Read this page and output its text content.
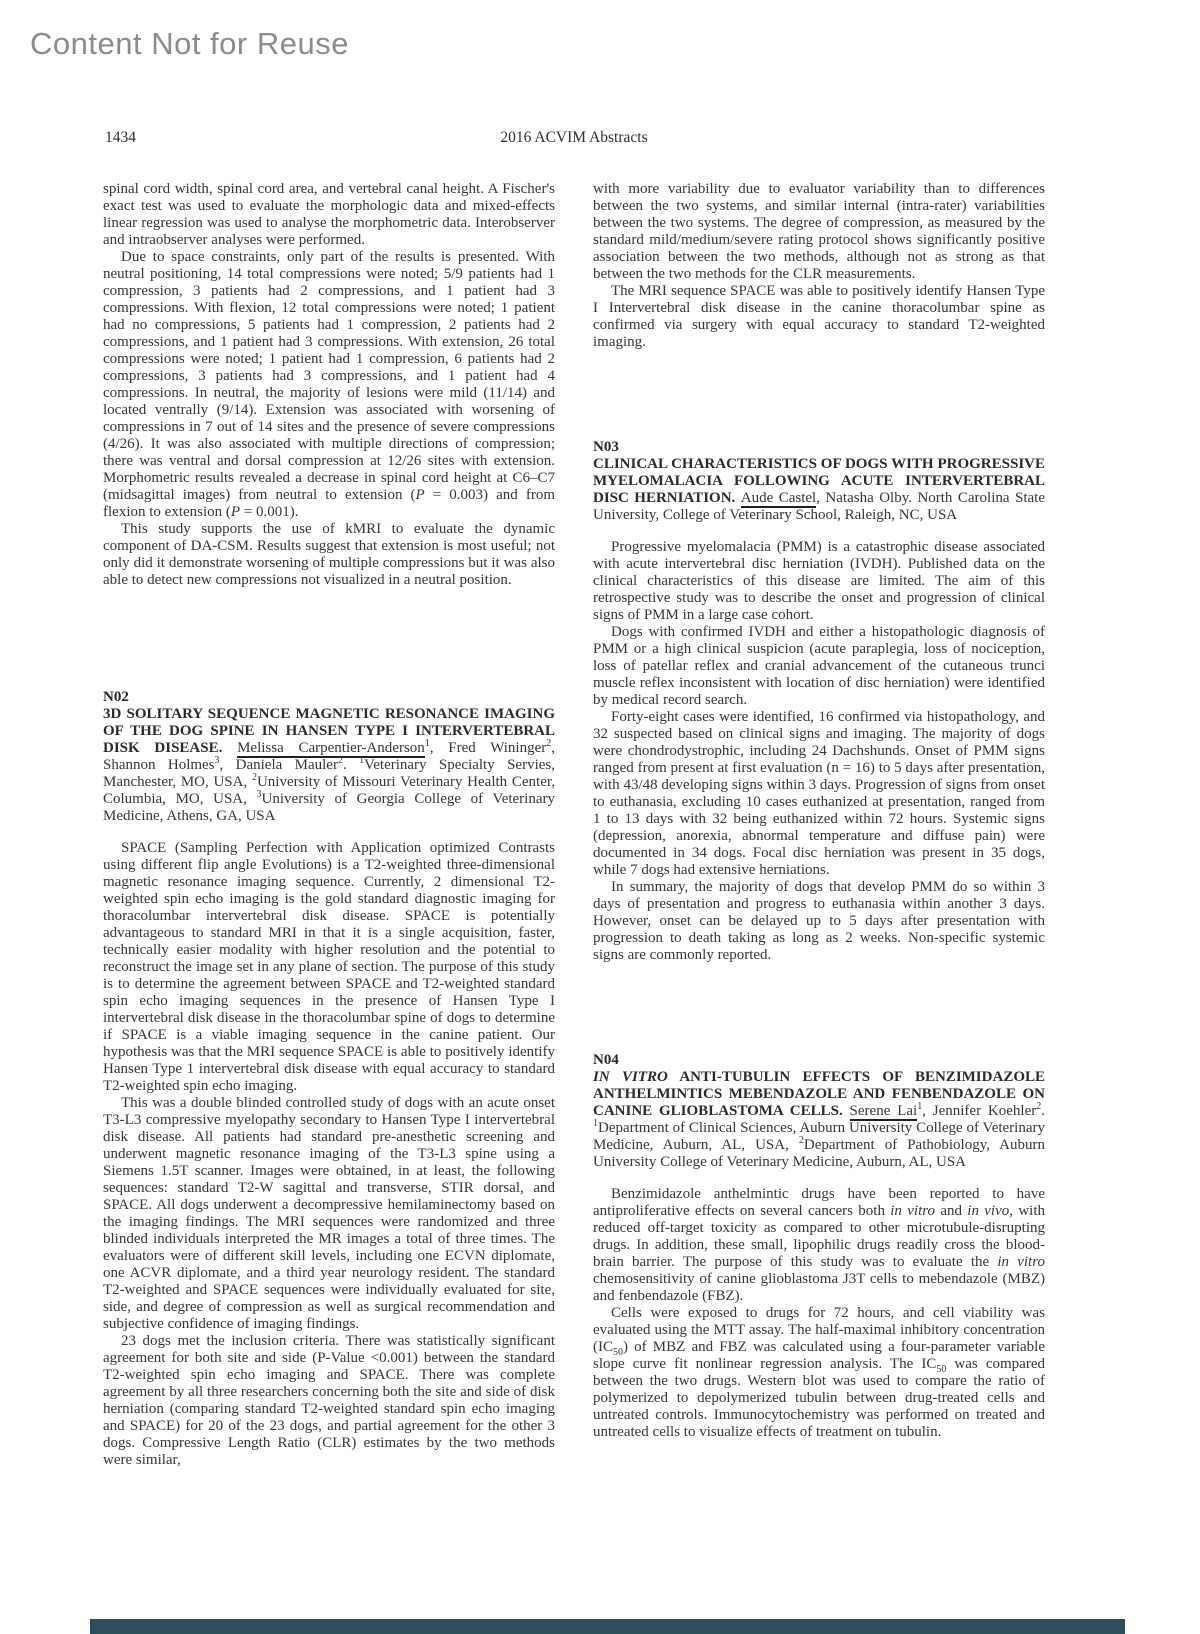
Content Not for Reuse
1434	2016 ACVIM Abstracts

spinal cord width, spinal cord area, and vertebral canal height. A Fischer's exact test was used to evaluate the morphologic data and mixed-effects linear regression was used to analyse the morphometric data. Interobserver and intraobserver analyses were performed.

Due to space constraints, only part of the results is presented. With neutral positioning, 14 total compressions were noted; 5/9 patients had 1 compression, 3 patients had 2 compressions, and 1 patient had 3 compressions. With flexion, 12 total compressions were noted; 1 patient had no compressions, 5 patients had 1 compression, 2 patients had 2 compressions, and 1 patient had 3 compressions. With extension, 26 total compressions were noted; 1 patient had 1 compression, 6 patients had 2 compressions, 3 patients had 3 compressions, and 1 patient had 4 compressions. In neutral, the majority of lesions were mild (11/14) and located ventrally (9/14). Extension was associated with worsening of compressions in 7 out of 14 sites and the presence of severe compressions (4/26). It was also associated with multiple directions of compression; there was ventral and dorsal compression at 12/26 sites with extension. Morphometric results revealed a decrease in spinal cord height at C6–C7 (midsagittal images) from neutral to extension (P = 0.003) and from flexion to extension (P = 0.001).

This study supports the use of kMRI to evaluate the dynamic component of DA-CSM. Results suggest that extension is most useful; not only did it demonstrate worsening of multiple compressions but it was also able to detect new compressions not visualized in a neutral position.

N02

3D SOLITARY SEQUENCE MAGNETIC RESONANCE IMAGING OF THE DOG SPINE IN HANSEN TYPE I INTERVERTEBRAL DISK DISEASE. Melissa Carpentier-Anderson$^1$, Fred Wininger$^2$, Shannon Holmes$^3$, Daniela Mauler$^2$. $^1$Veterinary Specialty Servies, Manchester, MO, USA, $^2$University of Missouri Veterinary Health Center, Columbia, MO, USA, $^3$University of Georgia College of Veterinary Medicine, Athens, GA, USA

SPACE (Sampling Perfection with Application optimized Contrasts using different flip angle Evolutions) is a T2-weighted three-dimensional magnetic resonance imaging sequence. Currently, 2 dimensional T2-weighted spin echo imaging is the gold standard diagnostic imaging for thoracolumbar intervertebral disk disease. SPACE is potentially advantageous to standard MRI in that it is a single acquisition, faster, technically easier modality with higher resolution and the potential to reconstruct the image set in any plane of section. The purpose of this study is to determine the agreement between SPACE and T2-weighted standard spin echo imaging sequences in the presence of Hansen Type I intervertebral disk disease in the thoracolumbar spine of dogs to determine if SPACE is a viable imaging sequence in the canine patient. Our hypothesis was that the MRI sequence SPACE is able to positively identify Hansen Type 1 intervertebral disk disease with equal accuracy to standard T2-weighted spin echo imaging.

This was a double blinded controlled study of dogs with an acute onset T3-L3 compressive myelopathy secondary to Hansen Type I intervertebral disk disease. All patients had standard pre-anesthetic screening and underwent magnetic resonance imaging of the T3-L3 spine using a Siemens 1.5T scanner. Images were obtained, in at least, the following sequences: standard T2-W sagittal and transverse, STIR dorsal, and SPACE. All dogs underwent a decompressive hemilaminectomy based on the imaging findings. The MRI sequences were randomized and three blinded individuals interpreted the MR images a total of three times. The evaluators were of different skill levels, including one ECVN diplomate, one ACVR diplomate, and a third year neurology resident. The standard T2-weighted and SPACE sequences were individually evaluated for site, side, and degree of compression as well as surgical recommendation and subjective confidence of imaging findings.

23 dogs met the inclusion criteria. There was statistically significant agreement for both site and side (P-Value <0.001) between the standard T2-weighted spin echo imaging and SPACE. There was complete agreement by all three researchers concerning both the site and side of disk herniation (comparing standard T2-weighted standard spin echo imaging and SPACE) for 20 of the 23 dogs, and partial agreement for the other 3 dogs. Compressive Length Ratio (CLR) estimates by the two methods were similar,

with more variability due to evaluator variability than to differences between the two systems, and similar internal (intra-rater) variabilities between the two systems. The degree of compression, as measured by the standard mild/medium/severe rating protocol shows significantly positive association between the two methods, although not as strong as that between the two methods for the CLR measurements.

The MRI sequence SPACE was able to positively identify Hansen Type I Intervertebral disk disease in the canine thoracolumbar spine as confirmed via surgery with equal accuracy to standard T2-weighted imaging.

N03

CLINICAL CHARACTERISTICS OF DOGS WITH PROGRESSIVE MYELOMALACIA FOLLOWING ACUTE INTERVERTEBRAL DISC HERNIATION. Aude Castel, Natasha Olby. North Carolina State University, College of Veterinary School, Raleigh, NC, USA

Progressive myelomalacia (PMM) is a catastrophic disease associated with acute intervertebral disc herniation (IVDH). Published data on the clinical characteristics of this disease are limited. The aim of this retrospective study was to describe the onset and progression of clinical signs of PMM in a large case cohort.

Dogs with confirmed IVDH and either a histopathologic diagnosis of PMM or a high clinical suspicion (acute paraplegia, loss of nociception, loss of patellar reflex and cranial advancement of the cutaneous trunci muscle reflex inconsistent with location of disc herniation) were identified by medical record search.

Forty-eight cases were identified, 16 confirmed via histopathology, and 32 suspected based on clinical signs and imaging. The majority of dogs were chondrodystrophic, including 24 Dachshunds. Onset of PMM signs ranged from present at first evaluation (n = 16) to 5 days after presentation, with 43/48 developing signs within 3 days. Progression of signs from onset to euthanasia, excluding 10 cases euthanized at presentation, ranged from 1 to 13 days with 32 being euthanized within 72 hours. Systemic signs (depression, anorexia, abnormal temperature and diffuse pain) were documented in 34 dogs. Focal disc herniation was present in 35 dogs, while 7 dogs had extensive herniations.

In summary, the majority of dogs that develop PMM do so within 3 days of presentation and progress to euthanasia within another 3 days. However, onset can be delayed up to 5 days after presentation with progression to death taking as long as 2 weeks. Non-specific systemic signs are commonly reported.

N04

IN VITRO ANTI-TUBULIN EFFECTS OF BENZIMIDAZOLE ANTHELMINTICS MEBENDAZOLE AND FENBENDAZOLE ON CANINE GLIOBLASTOMA CELLS. Serene Lai$^1$, Jennifer Koehler$^2$. $^1$Department of Clinical Sciences, Auburn University College of Veterinary Medicine, Auburn, AL, USA, $^2$Department of Pathobiology, Auburn University College of Veterinary Medicine, Auburn, AL, USA

Benzimidazole anthelmintic drugs have been reported to have antiproliferative effects on several cancers both in vitro and in vivo, with reduced off-target toxicity as compared to other microtubule-disrupting drugs. In addition, these small, lipophilic drugs readily cross the blood-brain barrier. The purpose of this study was to evaluate the in vitro chemosensitivity of canine glioblastoma J3T cells to mebendazole (MBZ) and fenbendazole (FBZ).

Cells were exposed to drugs for 72 hours, and cell viability was evaluated using the MTT assay. The half-maximal inhibitory concentration $(IC_{50})$ of MBZ and FBZ was calculated using a four-parameter variable slope curve fit nonlinear regression analysis. The $IC_{50}$ was compared between the two drugs. Western blot was used to compare the ratio of polymerized to depolymerized tubulin between drug-treated cells and untreated controls. Immunocytochemistry was performed on treated and untreated cells to visualize effects of treatment on tubulin.
